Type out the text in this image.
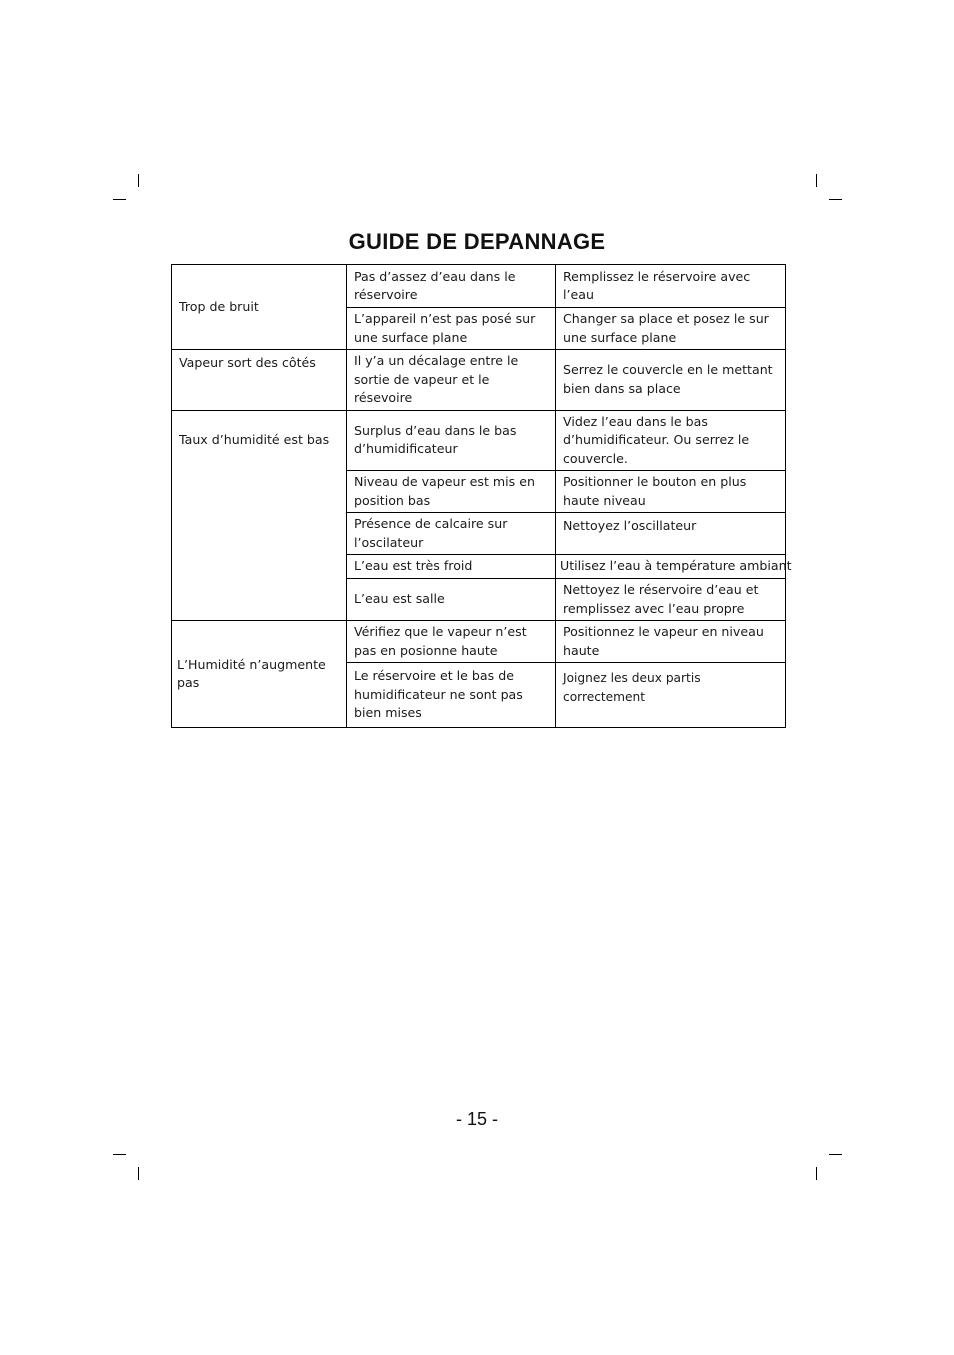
GUIDE DE DEPANNAGE
Trop de bruit	Pas d’assez d’eau dans le réservoire	Remplissez le réservoire avec l’eau
	L’appareil n’est pas posé sur une surface plane	Changer sa place et posez le sur une surface plane
Vapeur sort des côtés	Il y’a un décalage entre le sortie de vapeur et le résevoire	Serrez le couvercle en le mettant bien dans sa place
Taux d’humidité est bas	Surplus d’eau dans le bas d’humidificateur	Videz l’eau dans le bas d’humidificateur. Ou serrez le couvercle.
	Niveau de vapeur est mis en position bas	Positionner le bouton en plus haute niveau
	Présence de calcaire sur l’oscilateur	Nettoyez l’oscillateur
	L’eau est très froid	Utilisez l’eau à température ambiant
	L’eau est salle	Nettoyez le réservoire d’eau et remplissez avec l’eau propre
L’Humidité n’augmente pas	Vérifiez que le vapeur n’est pas en posionne haute	Positionnez le vapeur en niveau haute
	Le réservoire et le bas de humidificateur ne sont pas bien mises	Joignez les deux partis correctement
- 15 -
